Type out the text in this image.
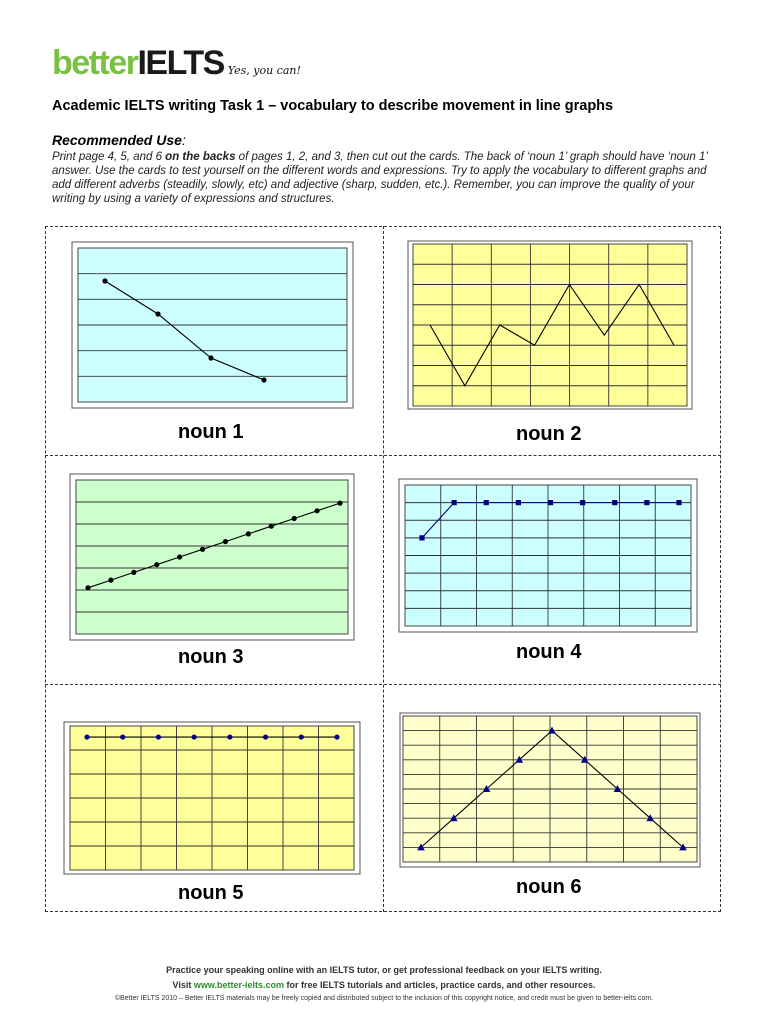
betterIELTS Yes, you can!
Academic IELTS writing Task 1 – vocabulary to describe movement in line graphs
Recommended Use:
Print page 4, 5, and 6 on the backs of pages 1, 2, and 3, then cut out the cards. The back of ‘noun 1’ graph should have ‘noun 1’ answer. Use the cards to test yourself on the different words and expressions. Try to apply the vocabulary to different graphs and add different adverbs (steadily, slowly, etc) and adjective (sharp, sudden, etc.). Remember, you can improve the quality of your writing by using a variety of expressions and structures.
noun 1	noun 2
noun 3	noun 4
noun 5	noun 6
Practice your speaking online with an IELTS tutor, or get professional feedback on your IELTS writing.
Visit www.better-ielts.com for free IELTS tutorials and articles, practice cards, and other resources.
©Better IELTS 2010 – Better IELTS materials may be freely copied and distributed subject to the inclusion of this copyright notice, and credit must be given to better-ielts.com.
